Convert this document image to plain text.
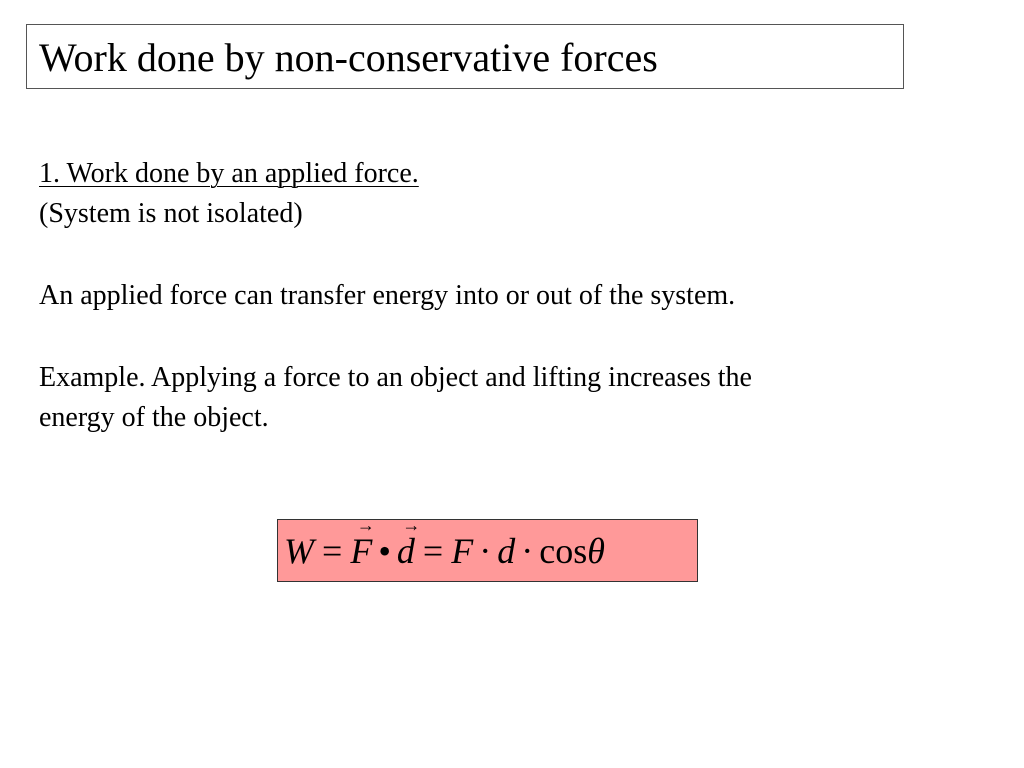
Work done by non-conservative forces
1. Work done by an applied force.
(System is not isolated)
An applied force can transfer energy into or out of the system.
Example. Applying a force to an object and lifting increases the
energy of the object.
W =
→
F •
→
d = F · d · cosθ
